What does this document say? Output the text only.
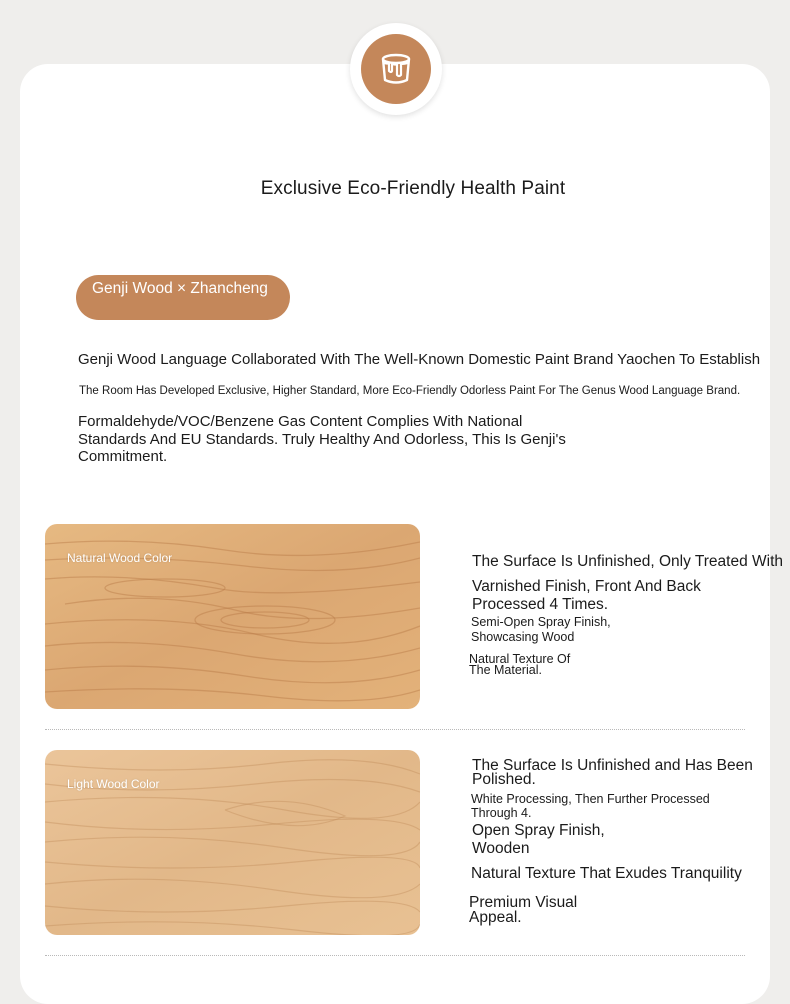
Exclusive Eco-Friendly Health Paint
Genji Wood × Zhancheng

Genji Wood Language Collaborated With The Well-Known Domestic Paint Brand Yaochen To Establish

The Room Has Developed Exclusive, Higher Standard, More Eco-Friendly Odorless Paint For The Genus Wood Language Brand.

Formaldehyde/VOC/Benzene Gas Content Complies With National Standards And EU Standards. Truly Healthy And Odorless, This Is Genji's Commitment.

Natural Wood Color	The Surface Is Unfinished, Only Treated With

Varnished Finish, Front And Back

Processed 4 Times.

Semi-Open Spray Finish,

Showcasing Wood

Natural Texture Of

The Material.

Light Wood Color

The Surface Is Unfinished and Has Been

Polished.

White Processing, Then Further Processed

Through 4.

Open Spray Finish,

Wooden

Natural Texture That Exudes Tranquility

Premium Visual

Appeal.
